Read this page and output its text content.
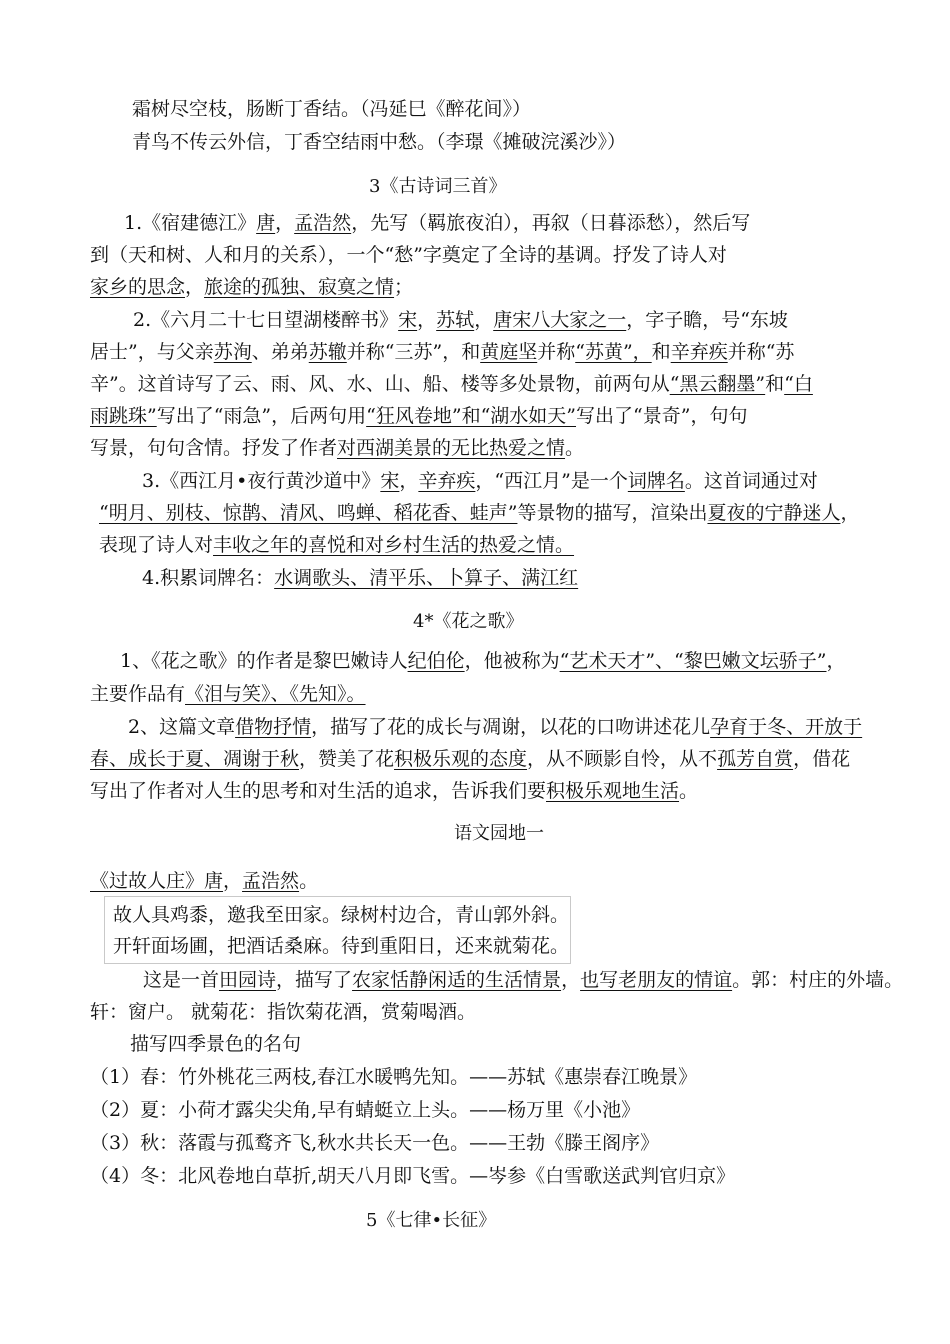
霜树尽空枝，肠断丁香结。（冯延巳《醉花间》）
青鸟不传云外信，丁香空结雨中愁。（李璟《摊破浣溪沙》）
3《古诗词三首》
1.《宿建德江》唐，孟浩然，先写（羁旅夜泊），再叙（日暮添愁），然后写
到（天和树、人和月的关系），一个“愁”字奠定了全诗的基调。抒发了诗人对
家乡的思念，旅途的孤独、寂寞之情；
2.《六月二十七日望湖楼醉书》宋，苏轼，唐宋八大家之一，字子瞻，号“东坡
居士”，与父亲苏洵、弟弟苏辙并称“三苏”，和黄庭坚并称“苏黄”，和辛弃疾并称“苏
辛”。这首诗写了云、雨、风、水、山、船、楼等多处景物，前两句从“黑云翻墨”和“白
雨跳珠”写出了“雨急”，后两句用“狂风卷地”和“湖水如天”写出了“景奇”，句句
写景，句句含情。抒发了作者对西湖美景的无比热爱之情。
3.《西江月•夜行黄沙道中》宋，辛弃疾，“西江月”是一个词牌名。这首词通过对
“明月、别枝、惊鹊、清风、鸣蝉、稻花香、蛙声”等景物的描写，渲染出夏夜的宁静迷人，
表现了诗人对丰收之年的喜悦和对乡村生活的热爱之情。
4.积累词牌名：水调歌头、清平乐、卜算子、满江红
4*《花之歌》
1、《花之歌》的作者是黎巴嫩诗人纪伯伦，他被称为“艺术天才”、“黎巴嫩文坛骄子”，
主要作品有《泪与笑》、《先知》。
2、这篇文章借物抒情，描写了花的成长与凋谢，以花的口吻讲述花儿孕育于冬、开放于
春、成长于夏、凋谢于秋，赞美了花积极乐观的态度，从不顾影自怜，从不孤芳自赏，借花
写出了作者对人生的思考和对生活的追求，告诉我们要积极乐观地生活。
语文园地一
《过故人庄》唐，孟浩然。
故人具鸡黍，邀我至田家。绿树村边合，青山郭外斜。
开轩面场圃，把酒话桑麻。待到重阳日，还来就菊花。
这是一首田园诗，描写了农家恬静闲适的生活情景，也写老朋友的情谊。郭：村庄的外墙。
轩：窗户。 就菊花：指饮菊花酒，赏菊喝酒。
描写四季景色的名句
（1）春：竹外桃花三两枝,春江水暖鸭先知。——苏轼《惠崇春江晚景》
（2）夏：小荷才露尖尖角,早有蜻蜓立上头。——杨万里《小池》
（3）秋：落霞与孤鹜齐飞,秋水共长天一色。——王勃《滕王阁序》
（4）冬：北风卷地白草折,胡天八月即飞雪。—岑参《白雪歌送武判官归京》
5《七律•长征》
